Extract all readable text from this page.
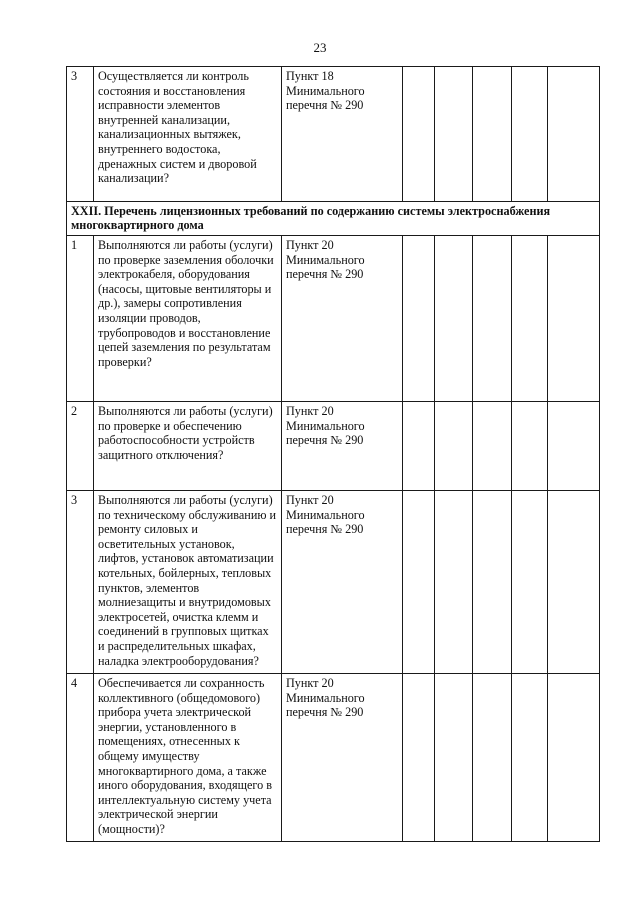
23
3	Осуществляется ли контроль состояния и восстановления исправности элементов внутренней канализации, канализационных вытяжек, внутреннего водостока, дренажных систем и дворовой канализации?	Пункт 18 Минимального перечня № 290					
XXII. Перечень лицензионных требований по содержанию системы электроснабжения многоквартирного дома							
1	Выполняются ли работы (услуги) по проверке заземления оболочки электрокабеля, оборудования (насосы, щитовые вентиляторы и др.), замеры сопротивления изоляции проводов, трубопроводов и восстановление цепей заземления по результатам проверки?	Пункт 20 Минимального перечня № 290					
2	Выполняются ли работы (услуги) по проверке и обеспечению работоспособности устройств защитного отключения?	Пункт 20 Минимального перечня № 290					
3	Выполняются ли работы (услуги) по техническому обслуживанию и ремонту силовых и осветительных установок, лифтов, установок автоматизации котельных, бойлерных, тепловых пунктов, элементов молниезащиты и внутридомовых электросетей, очистка клемм и соединений в групповых щитках и распределительных шкафах, наладка электрооборудования?	Пункт 20 Минимального перечня № 290					
4	Обеспечивается ли сохранность коллективного (общедомового) прибора учета электрической энергии, установленного в помещениях, отнесенных к общему имуществу многоквартирного дома, а также иного оборудования, входящего в интеллектуальную систему учета электрической энергии (мощности)?	Пункт 20 Минимального перечня № 290					
